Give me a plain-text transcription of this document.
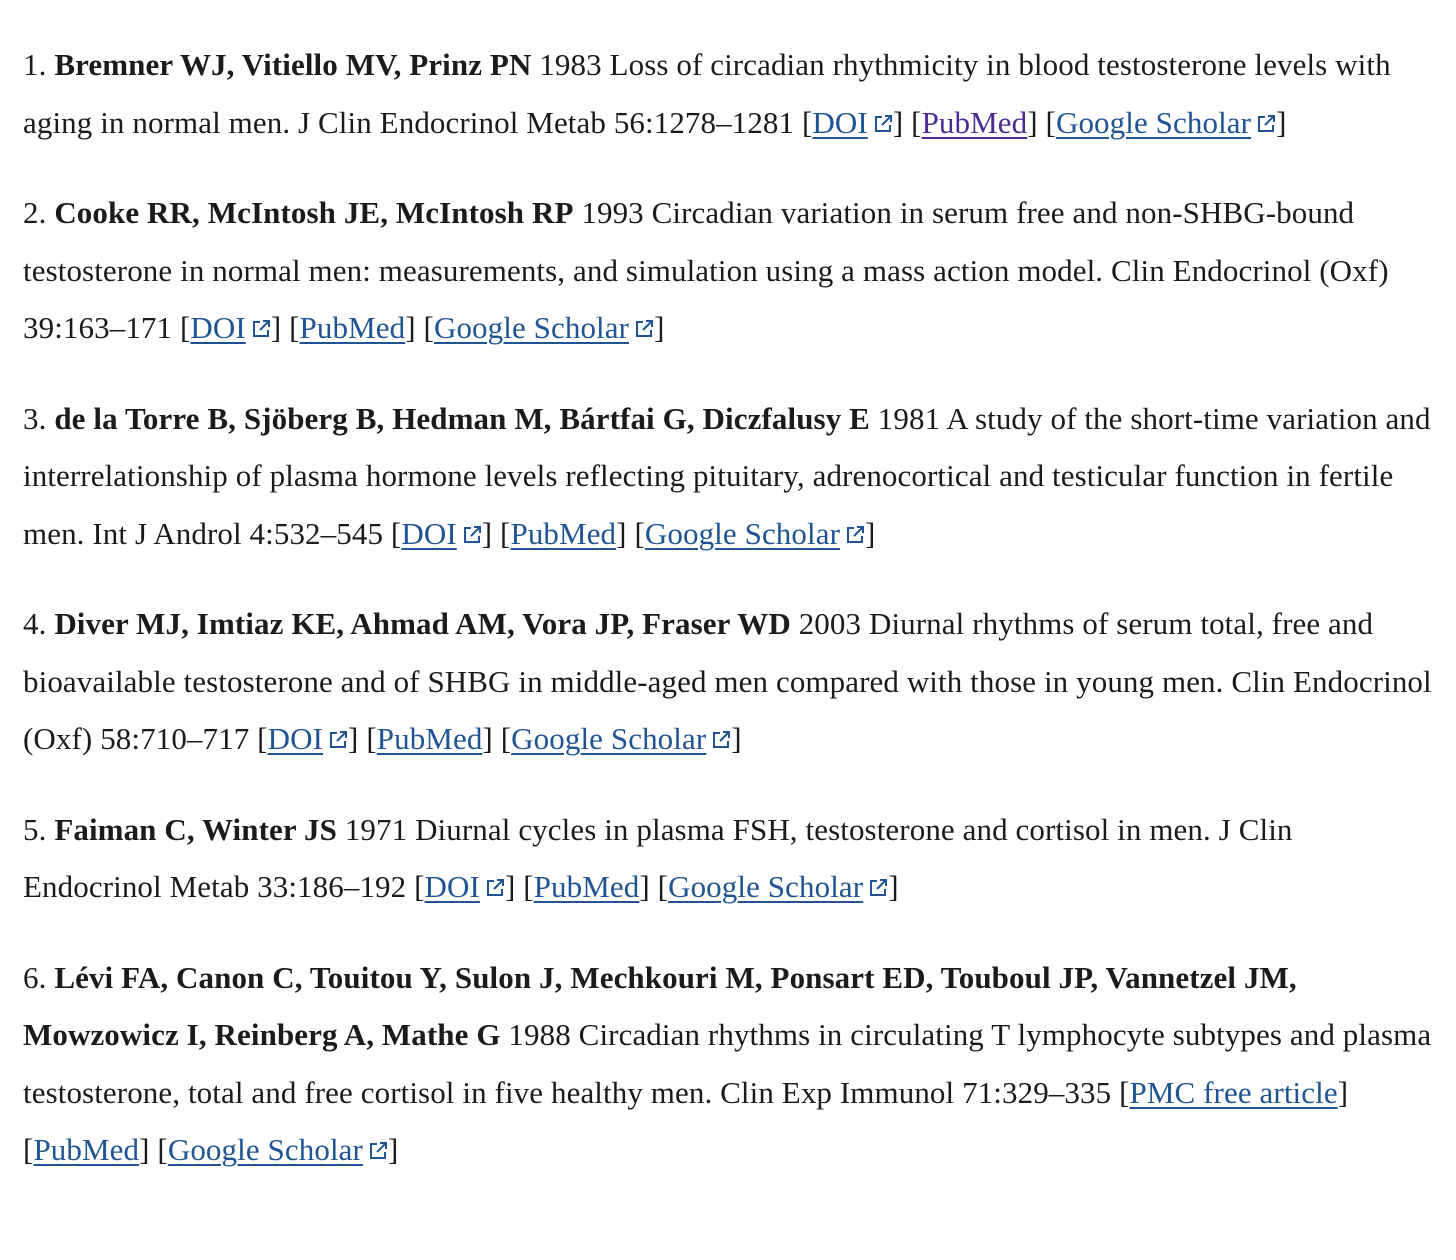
1. Bremner WJ, Vitiello MV, Prinz PN 1983 Loss of circadian rhythmicity in blood testosterone levels with aging in normal men. J Clin Endocrinol Metab 56:1278–1281 [DOI ] [PubMed] [Google Scholar ]

2. Cooke RR, McIntosh JE, McIntosh RP 1993 Circadian variation in serum free and non-SHBG-bound testosterone in normal men: measurements, and simulation using a mass action model. Clin Endocrinol (Oxf) 39:163–171 [DOI ] [PubMed] [Google Scholar ]

3. de la Torre B, Sjöberg B, Hedman M, Bártfai G, Diczfalusy E 1981 A study of the short-time variation and interrelationship of plasma hormone levels reflecting pituitary, adrenocortical and testicular function in fertile men. Int J Androl 4:532–545 [DOI ] [PubMed] [Google Scholar ]

4. Diver MJ, Imtiaz KE, Ahmad AM, Vora JP, Fraser WD 2003 Diurnal rhythms of serum total, free and bioavailable testosterone and of SHBG in middle-aged men compared with those in young men. Clin Endocrinol (Oxf) 58:710–717 [DOI ] [PubMed] [Google Scholar ]

5. Faiman C, Winter JS 1971 Diurnal cycles in plasma FSH, testosterone and cortisol in men. J Clin Endocrinol Metab 33:186–192 [DOI ] [PubMed] [Google Scholar ]

6. Lévi FA, Canon C, Touitou Y, Sulon J, Mechkouri M, Ponsart ED, Touboul JP, Vannetzel JM, Mowzowicz I, Reinberg A, Mathe G 1988 Circadian rhythms in circulating T lymphocyte subtypes and plasma testosterone, total and free cortisol in five healthy men. Clin Exp Immunol 71:329–335 [PMC free article] [PubMed] [Google Scholar ]
